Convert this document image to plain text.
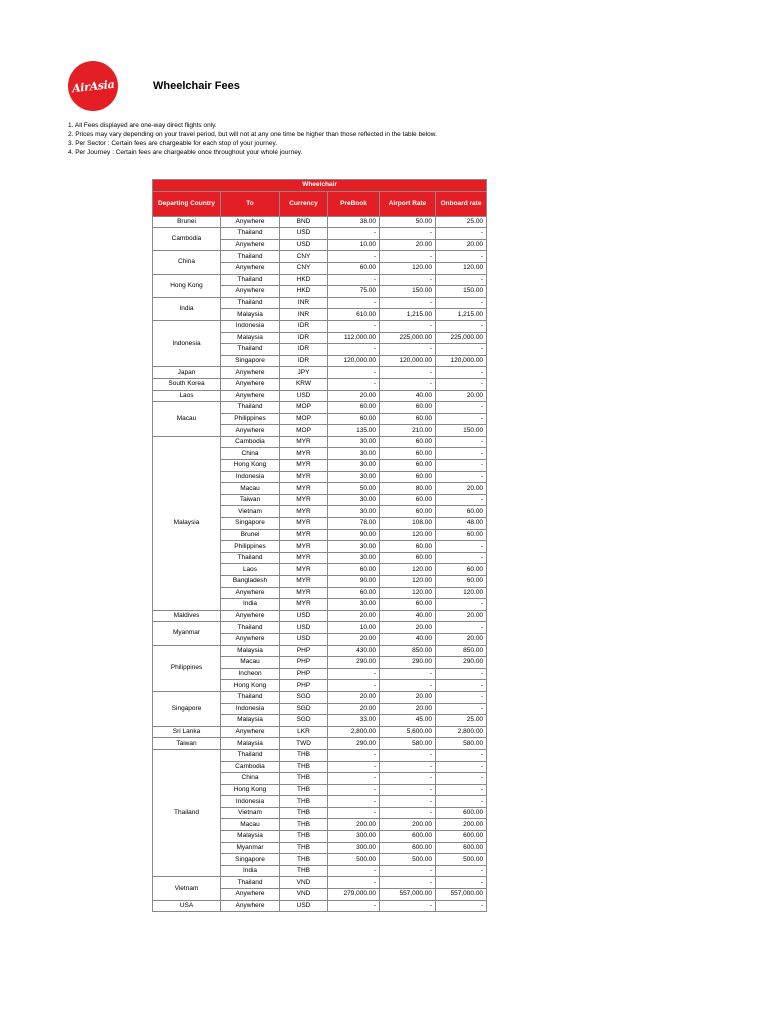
AirAsia	Wheelchair Fees
1. All Fees displayed are one-way direct flights only.
2. Prices may vary depending on your travel period, but will not at any one time be higher than those reflected in the table below.
3. Per Sector : Certain fees are chargeable for each stop of your journey.
4. Per Journey : Certain fees are chargeable once throughout your whole journey.
Wheelchair					
Departing Country	To	Currency	PreBook	Airport Rate	Onboard rate
Brunei	Anywhere	BND	38.00	50.00	25.00
Cambodia	Thailand	USD	-	-	-
	Anywhere	USD	10.00	20.00	20.00
China	Thailand	CNY	-	-	-
	Anywhere	CNY	60.00	120.00	120.00
Hong Kong	Thailand	HKD	-	-	-
	Anywhere	HKD	75.00	150.00	150.00
India	Thailand	INR	-	-	-
	Malaysia	INR	610.00	1,215.00	1,215.00
Indonesia	Indonesia	IDR	-	-	-
	Malaysia	IDR	112,000.00	225,000.00	225,000.00
	Thailand	IDR	-	-	-
	Singapore	IDR	120,000.00	120,000.00	120,000.00
Japan	Anywhere	JPY	-	-	-
South Korea	Anywhere	KRW	-	-	-
Laos	Anywhere	USD	20.00	40.00	20.00
Macau	Thailand	MOP	60.00	60.00	-
	Philippines	MOP	60.00	60.00	-
	Anywhere	MOP	135.00	210.00	150.00
Malaysia	Cambodia	MYR	30.00	60.00	-
	China	MYR	30.00	60.00	-
	Hong Kong	MYR	30.00	60.00	-
	Indonesia	MYR	30.00	60.00	-
	Macau	MYR	50.00	80.00	20.00
	Taiwan	MYR	30.00	60.00	-
	Vietnam	MYR	30.00	60.00	60.00
	Singapore	MYR	78.00	108.00	48.00
	Brunei	MYR	90.00	120.00	60.00
	Philippines	MYR	30.00	60.00	-
	Thailand	MYR	30.00	60.00	-
	Laos	MYR	60.00	120.00	60.00
	Bangladesh	MYR	90.00	120.00	60.00
	Anywhere	MYR	60.00	120.00	120.00
	India	MYR	30.00	60.00	-
Maldives	Anywhere	USD	20.00	40.00	20.00
Myanmar	Thailand	USD	10.00	20.00	-
	Anywhere	USD	20.00	40.00	20.00
Philippines	Malaysia	PHP	430.00	850.00	850.00
	Macau	PHP	290.00	290.00	290.00
	Incheon	PHP	-	-	-
	Hong Kong	PHP	-	-	-
Singapore	Thailand	SGD	20.00	20.00	-
	Indonesia	SGD	20.00	20.00	-
	Malaysia	SGD	33.00	45.00	25.00
Sri Lanka	Anywhere	LKR	2,800.00	5,600.00	2,800.00
Taiwan	Malaysia	TWD	290.00	580.00	580.00
Thailand	Thailand	THB	-	-	-
	Cambodia	THB	-	-	-
	China	THB	-	-	-
	Hong Kong	THB	-	-	-
	Indonesia	THB	-	-	-
	Vietnam	THB	-	-	600.00
	Macau	THB	200.00	200.00	200.00
	Malaysia	THB	300.00	600.00	600.00
	Myanmar	THB	300.00	600.00	600.00
	Singapore	THB	500.00	500.00	500.00
	India	THB	-	-	-
Vietnam	Thailand	VND	-	-	-
	Anywhere	VND	279,000.00	557,000.00	557,000.00
USA	Anywhere	USD	-	-	-
